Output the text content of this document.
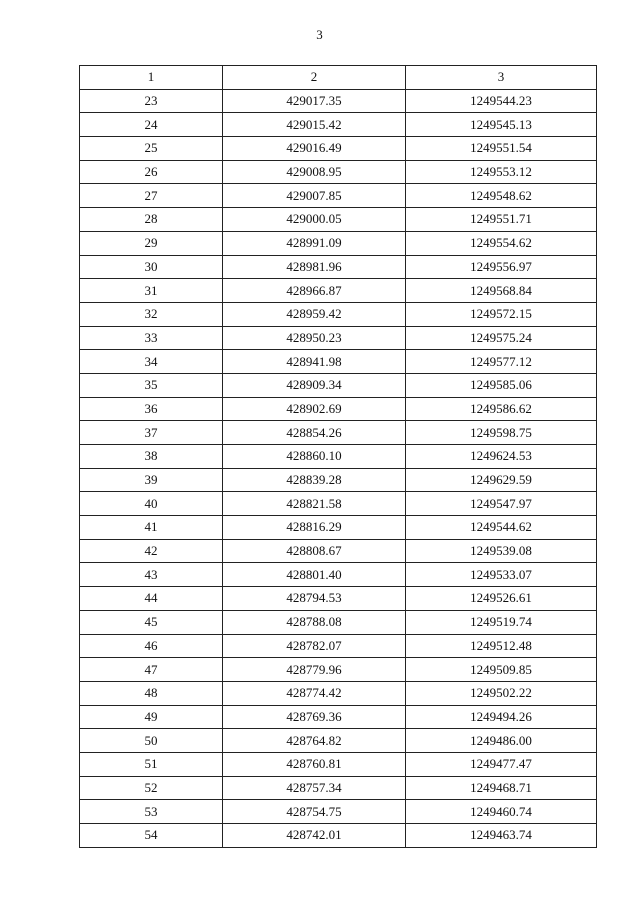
3
1	2	3
23	429017.35	1249544.23
24	429015.42	1249545.13
25	429016.49	1249551.54
26	429008.95	1249553.12
27	429007.85	1249548.62
28	429000.05	1249551.71
29	428991.09	1249554.62
30	428981.96	1249556.97
31	428966.87	1249568.84
32	428959.42	1249572.15
33	428950.23	1249575.24
34	428941.98	1249577.12
35	428909.34	1249585.06
36	428902.69	1249586.62
37	428854.26	1249598.75
38	428860.10	1249624.53
39	428839.28	1249629.59
40	428821.58	1249547.97
41	428816.29	1249544.62
42	428808.67	1249539.08
43	428801.40	1249533.07
44	428794.53	1249526.61
45	428788.08	1249519.74
46	428782.07	1249512.48
47	428779.96	1249509.85
48	428774.42	1249502.22
49	428769.36	1249494.26
50	428764.82	1249486.00
51	428760.81	1249477.47
52	428757.34	1249468.71
53	428754.75	1249460.74
54	428742.01	1249463.74
